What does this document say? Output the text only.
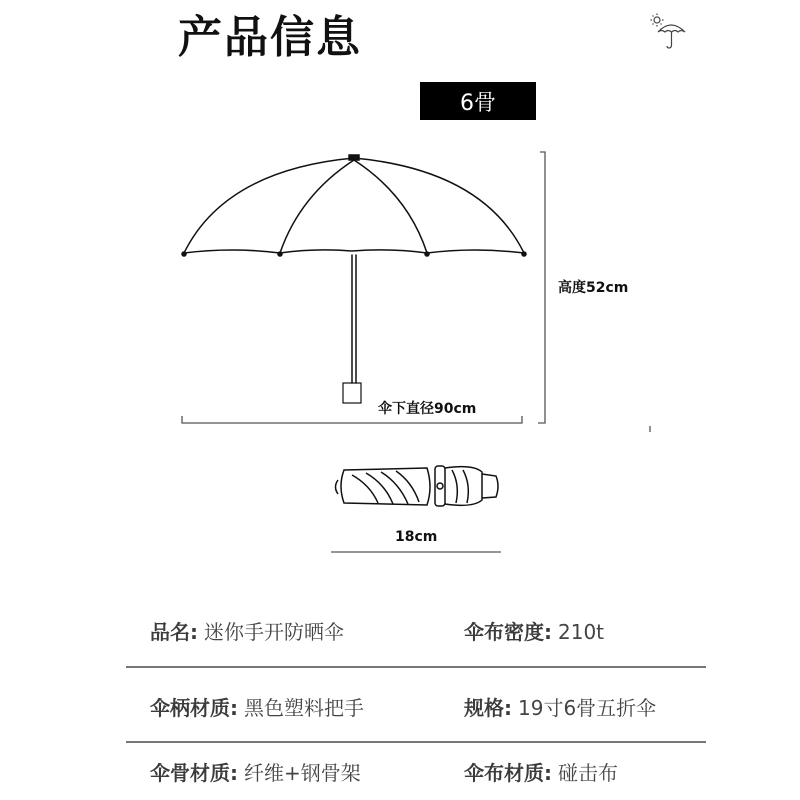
产品信息
6骨
高度52cm
伞下直径90cm
18cm
品名: 迷你手开防晒伞	伞布密度: 210t
伞柄材质: 黑色塑料把手	规格: 19寸6骨五折伞
伞骨材质: 纤维+钢骨架	伞布材质: 碰击布
